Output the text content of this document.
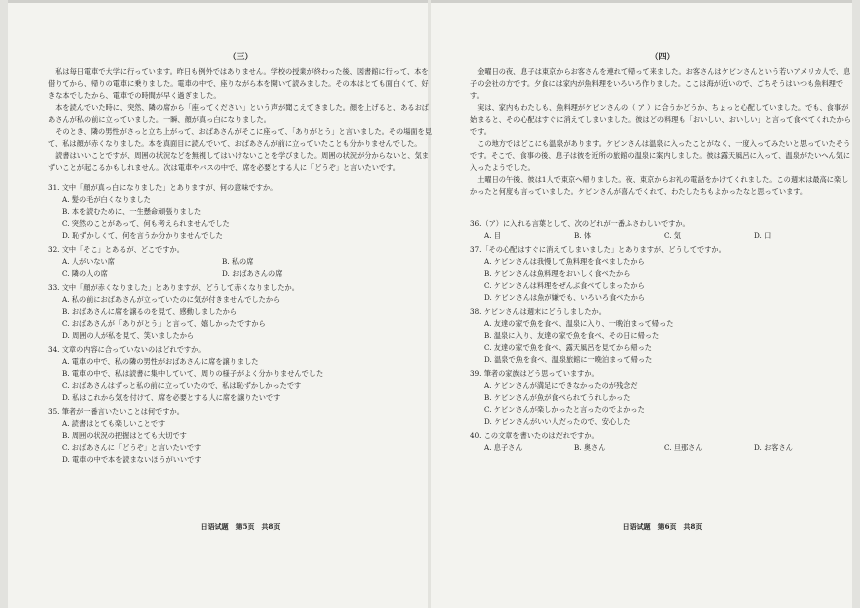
（三）

私は毎日電車で大学に行っています。昨日も例外ではありません。学校の授業が終わった後、図書館に行って、本を借りてから、帰りの電車に乗りました。電車の中で、座りながら本を開いて読みました。その本はとても面白くて、好きな本でしたから、電車での時間が早く過ぎました。

本を読んでいた時に、突然、隣の席から「座ってください」という声が聞こえてきました。顔を上げると、あるおばあさんが私の前に立っていました。一瞬、顔が真っ白になりました。

そのとき、隣の男性がさっと立ち上がって、おばあさんがそこに座って、「ありがとう」と言いました。その場面を見て、私は顔が赤くなりました。本を真面目に読んでいて、おばあさんが前に立っていたことも分かりませんでした。

読書はいいことですが、周囲の状況などを無視してはいけないことを学びました。周囲の状況が分からないと、気まずいことが起こるかもしれません。次は電車やバスの中で、席を必要とする人に「どうぞ」と言いたいです。

31. 文中「顔が真っ白になりました」とありますが、何の意味ですか。

A. 髪の毛が白くなりました

B. 本を読むために、一生懸命頑張りました

C. 突然のことがあって、何も考えられませんでした

D. 恥ずかしくて、何を言うか分かりませんでした

32. 文中「そこ」とあるが、どこですか。

A. 人がいない席	B. 私の席
C. 隣の人の席	D. おばあさんの席

33. 文中「顔が赤くなりました」とありますが、どうして赤くなりましたか。

A. 私の前におばあさんが立っていたのに気が付きませんでしたから

B. おばあさんに席を譲るのを見て、感動しましたから

C. おばあさんが「ありがとう」と言って、嬉しかったですから

D. 周囲の人が私を見て、笑いましたから

34. 文章の内容に合っていないのはどれですか。

A. 電車の中で、私の隣の男性がおばあさんに席を譲りました

B. 電車の中で、私は読書に集中していて、周りの様子がよく分かりませんでした

C. おばあさんはずっと私の前に立っていたので、私は恥ずかしかったです

D. 私はこれから気を付けて、席を必要とする人に席を譲りたいです

35. 筆者が一番言いたいことは何ですか。

A. 読書はとても楽しいことです

B. 周囲の状況の把握はとても大切です

C. おばあさんに「どうぞ」と言いたいです

D. 電車の中で本を読まないほうがいいです

日语试题　第5页　共8页
（四）

金曜日の夜、息子は東京からお客さんを連れて帰って来ました。お客さんはケビンさんという若いアメリカ人で、息子の会社の方です。夕食には家内が魚料理をいろいろ作りました。ここは海が近いので、ごちそうはいつも魚料理です。

実は、家内もわたしも、魚料理がケビンさんの（ ア ）に合うかどうか、ちょっと心配していました。でも、食事が始まると、その心配はすぐに消えてしまいました。彼はどの料理も「おいしい、おいしい」と言って食べてくれたからです。

この地方ではどこにも温泉があります。ケビンさんは温泉に入ったことがなく、一度入ってみたいと思っていたそうです。そこで、食事の後、息子は彼を近所の旅館の温泉に案内しました。彼は露天風呂に入って、温泉がたいへん気に入ったようでした。

土曜日の午後、彼は1人で東京へ帰りました。夜、東京からお礼の電話をかけてくれました。この週末は最高に楽しかったと何度も言っていました。ケビンさんが喜んでくれて、わたしたちもよかったなと思っています。

36.（ア）に入れる言葉として、次のどれが一番ふさわしいですか。

A. 目	B. 体	C. 気	D. 口

37.「その心配はすぐに消えてしまいました」とありますが、どうしてですか。

A. ケビンさんは我慢して魚料理を食べましたから

B. ケビンさんは魚料理をおいしく食べたから

C. ケビンさんは料理をぜんぶ食べてしまったから

D. ケビンさんは魚が嫌でも、いろいろ食べたから

38. ケビンさんは週末にどうしましたか。

A. 友達の家で魚を食べ、温泉に入り、一晩泊まって帰った

B. 温泉に入り、友達の家で魚を食べ、その日に帰った

C. 友達の家で魚を食べ、露天風呂を見てから帰った

D. 温泉で魚を食べ、温泉旅館に一晩泊まって帰った

39. 筆者の家族はどう思っていますか。

A. ケビンさんが満足にできなかったのが残念だ

B. ケビンさんが魚が食べられてうれしかった

C. ケビンさんが楽しかったと言ったのでよかった

D. ケビンさんがいい人だったので、安心した

40. この文章を書いたのはだれですか。

A. 息子さん	B. 奥さん	C. 旦那さん	D. お客さん
日语试题　第6页　共8页
